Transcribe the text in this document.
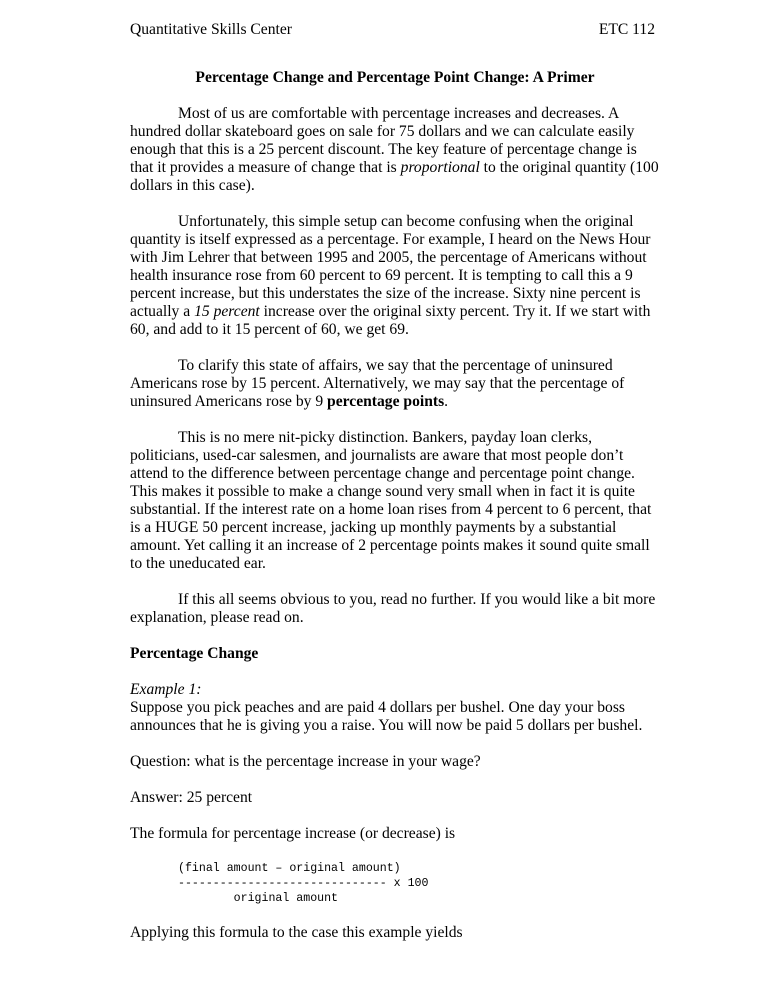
Quantitative Skills Center	ETC 112

Percentage Change and Percentage Point Change: A Primer

Most of us are comfortable with percentage increases and decreases. A hundred dollar skateboard goes on sale for 75 dollars and we can calculate easily enough that this is a 25 percent discount. The key feature of percentage change is that it provides a measure of change that is proportional to the original quantity (100 dollars in this case).

Unfortunately, this simple setup can become confusing when the original quantity is itself expressed as a percentage. For example, I heard on the News Hour with Jim Lehrer that between 1995 and 2005, the percentage of Americans without health insurance rose from 60 percent to 69 percent. It is tempting to call this a 9 percent increase, but this understates the size of the increase. Sixty nine percent is actually a 15 percent increase over the original sixty percent. Try it. If we start with 60, and add to it 15 percent of 60, we get 69.

To clarify this state of affairs, we say that the percentage of uninsured Americans rose by 15 percent. Alternatively, we may say that the percentage of uninsured Americans rose by 9 percentage points.

This is no mere nit-picky distinction. Bankers, payday loan clerks, politicians, used-car salesmen, and journalists are aware that most people don’t attend to the difference between percentage change and percentage point change. This makes it possible to make a change sound very small when in fact it is quite substantial. If the interest rate on a home loan rises from 4 percent to 6 percent, that is a HUGE 50 percent increase, jacking up monthly payments by a substantial amount. Yet calling it an increase of 2 percentage points makes it sound quite small to the uneducated ear.

If this all seems obvious to you, read no further. If you would like a bit more explanation, please read on.

Percentage Change

Example 1:
Suppose you pick peaches and are paid 4 dollars per bushel. One day your boss announces that he is giving you a raise. You will now be paid 5 dollars per bushel.

Question: what is the percentage increase in your wage?

Answer: 25 percent

The formula for percentage increase (or decrease) is

(final amount – original amount)
------------------------------ x 100
original amount

Applying this formula to the case this example yields
